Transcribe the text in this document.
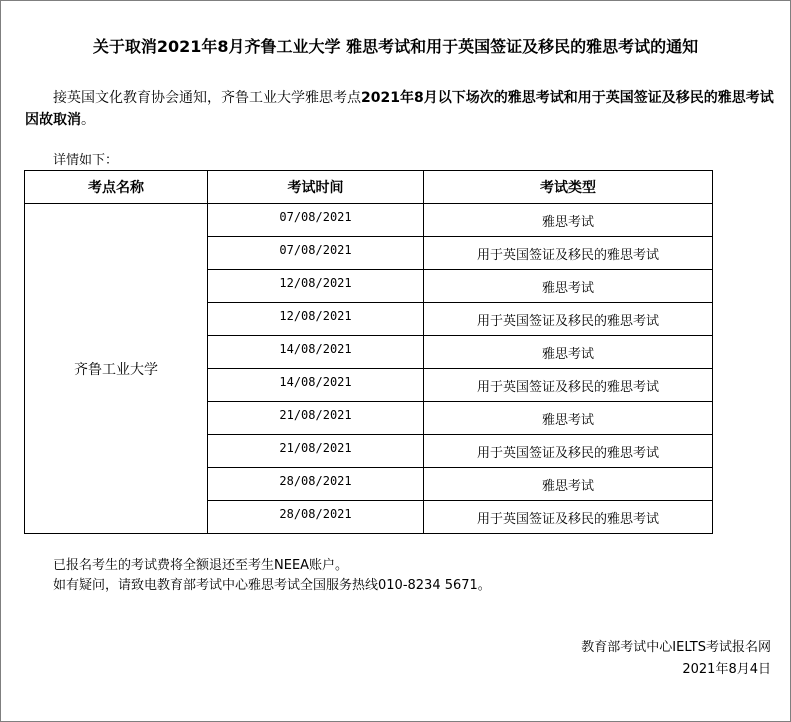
关于取消2021年8月齐鲁工业大学 雅思考试和用于英国签证及移民的雅思考试的通知
接英国文化教育协会通知，齐鲁工业大学雅思考点2021年8月以下场次的雅思考试和用于英国签证及移民的雅思考试因故取消。
详情如下：
考点名称	考试时间	考试类型
齐鲁工业大学	07/08/2021	雅思考试
	07/08/2021	用于英国签证及移民的雅思考试
	12/08/2021	雅思考试
	12/08/2021	用于英国签证及移民的雅思考试
	14/08/2021	雅思考试
	14/08/2021	用于英国签证及移民的雅思考试
	21/08/2021	雅思考试
	21/08/2021	用于英国签证及移民的雅思考试
	28/08/2021	雅思考试
	28/08/2021	用于英国签证及移民的雅思考试
已报名考生的考试费将全额退还至考生NEEA账户。
如有疑问，请致电教育部考试中心雅思考试全国服务热线010-8234 5671。
教育部考试中心IELTS考试报名网
2021年8月4日
